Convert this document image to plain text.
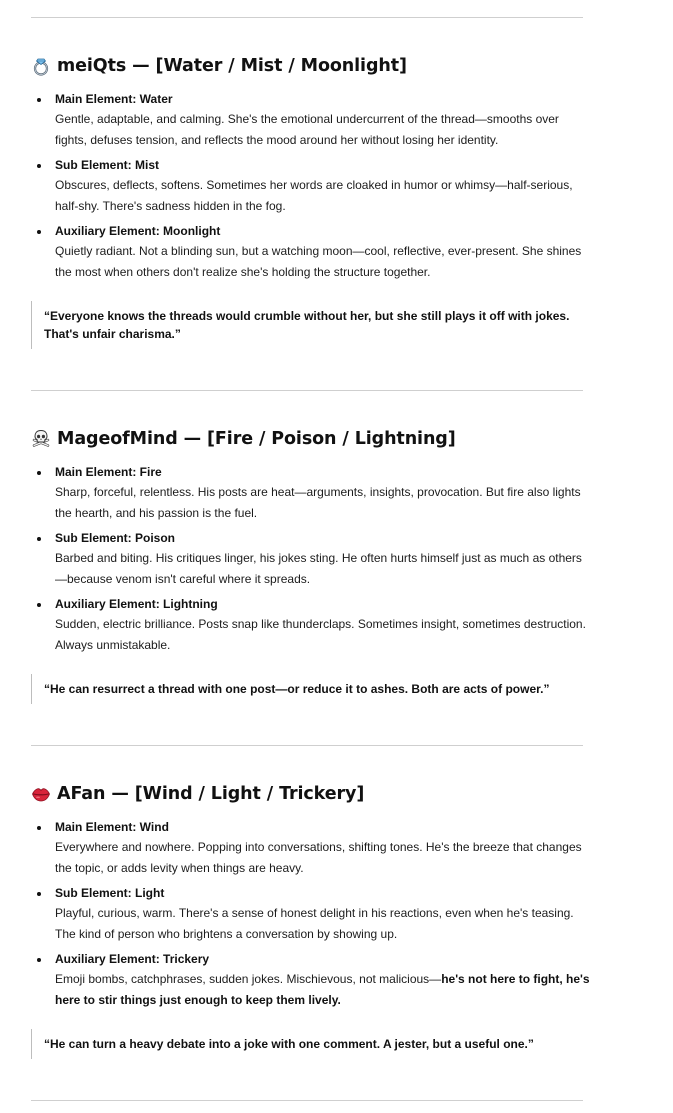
meiQts — [Water / Mist / Moonlight]
Main Element: Water
Gentle, adaptable, and calming. She's the emotional undercurrent of the thread—smooths over fights, defuses tension, and reflects the mood around her without losing her identity.
Sub Element: Mist
Obscures, deflects, softens. Sometimes her words are cloaked in humor or whimsy—half-serious, half-shy. There's sadness hidden in the fog.
Auxiliary Element: Moonlight
Quietly radiant. Not a blinding sun, but a watching moon—cool, reflective, ever-present. She shines the most when others don't realize she's holding the structure together.
“Everyone knows the threads would crumble without her, but she still plays it off with jokes. That's unfair charisma.”
MageofMind — [Fire / Poison / Lightning]
Main Element: Fire
Sharp, forceful, relentless. His posts are heat—arguments, insights, provocation. But fire also lights the hearth, and his passion is the fuel.
Sub Element: Poison
Barbed and biting. His critiques linger, his jokes sting. He often hurts himself just as much as others —because venom isn't careful where it spreads.
Auxiliary Element: Lightning
Sudden, electric brilliance. Posts snap like thunderclaps. Sometimes insight, sometimes destruction. Always unmistakable.
“He can resurrect a thread with one post—or reduce it to ashes. Both are acts of power.”
AFan — [Wind / Light / Trickery]
Main Element: Wind
Everywhere and nowhere. Popping into conversations, shifting tones. He's the breeze that changes the topic, or adds levity when things are heavy.
Sub Element: Light
Playful, curious, warm. There's a sense of honest delight in his reactions, even when he's teasing. The kind of person who brightens a conversation by showing up.
Auxiliary Element: Trickery
Emoji bombs, catchphrases, sudden jokes. Mischievous, not malicious—he's not here to fight, he's here to stir things just enough to keep them lively.
“He can turn a heavy debate into a joke with one comment. A jester, but a useful one.”
